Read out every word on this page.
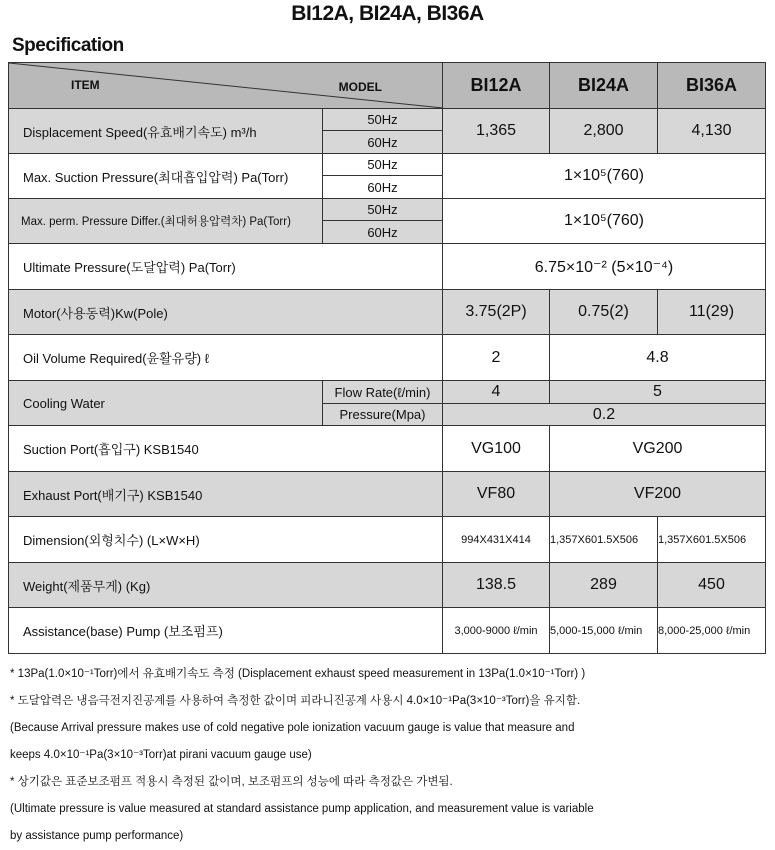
BI12A, BI24A, BI36A
Specification
ITEM MODEL		BI12A	BI24A	BI36A
Displacement Speed(유효배기속도) m³/h	50Hz	1,365	2,800	4,130
	60Hz			
Max. Suction Pressure(최대흡입압력) Pa(Torr)	50Hz	1×10⁵(760)		
	60Hz			
Max. perm. Pressure Differ.(최대허용압력차) Pa(Torr)	50Hz	1×10⁵(760)		
	60Hz			
Ultimate Pressure(도달압력) Pa(Torr)		6.75×10⁻² (5×10⁻⁴)		
Motor(사용동력)Kw(Pole)		3.75(2P)	0.75(2)	11(29)
Oil Volume Required(윤활유량) ℓ		2	4.8	
Cooling Water	Flow Rate(ℓ/min)	4	5	
	Pressure(Mpa)	0.2		
Suction Port(흡입구) KSB1540		VG100	VG200	
Exhaust Port(배기구) KSB1540		VF80	VF200	
Dimension(외형치수) (L×W×H)		994X431X414	1,357X601.5X506	1,357X601.5X506
Weight(제품무게) (Kg)		138.5	289	450
Assistance(base) Pump (보조펌프)		3,000-9000 ℓ/min	5,000-15,000 ℓ/min	8,000-25,000 ℓ/min
* 13Pa(1.0×10⁻¹Torr)에서 유효배기속도 측정 (Displacement exhaust speed measurement in 13Pa(1.0×10⁻¹Torr) )
* 도달압력은 냉음극전지진공계를 사용하여 측정한 값이며 피라니진공계 사용시 4.0×10⁻¹Pa(3×10⁻³Torr)을 유지함.
(Because Arrival pressure makes use of cold negative pole ionization vacuum gauge is value that measure and
keeps 4.0×10⁻¹Pa(3×10⁻³Torr)at pirani vacuum gauge use)
* 상기값은 표준보조펌프 적용시 측정된 값이며, 보조펌프의 성능에 따라 측정값은 가변됨.
(Ultimate pressure is value measured at standard assistance pump application, and measurement value is variable
by assistance pump performance)
